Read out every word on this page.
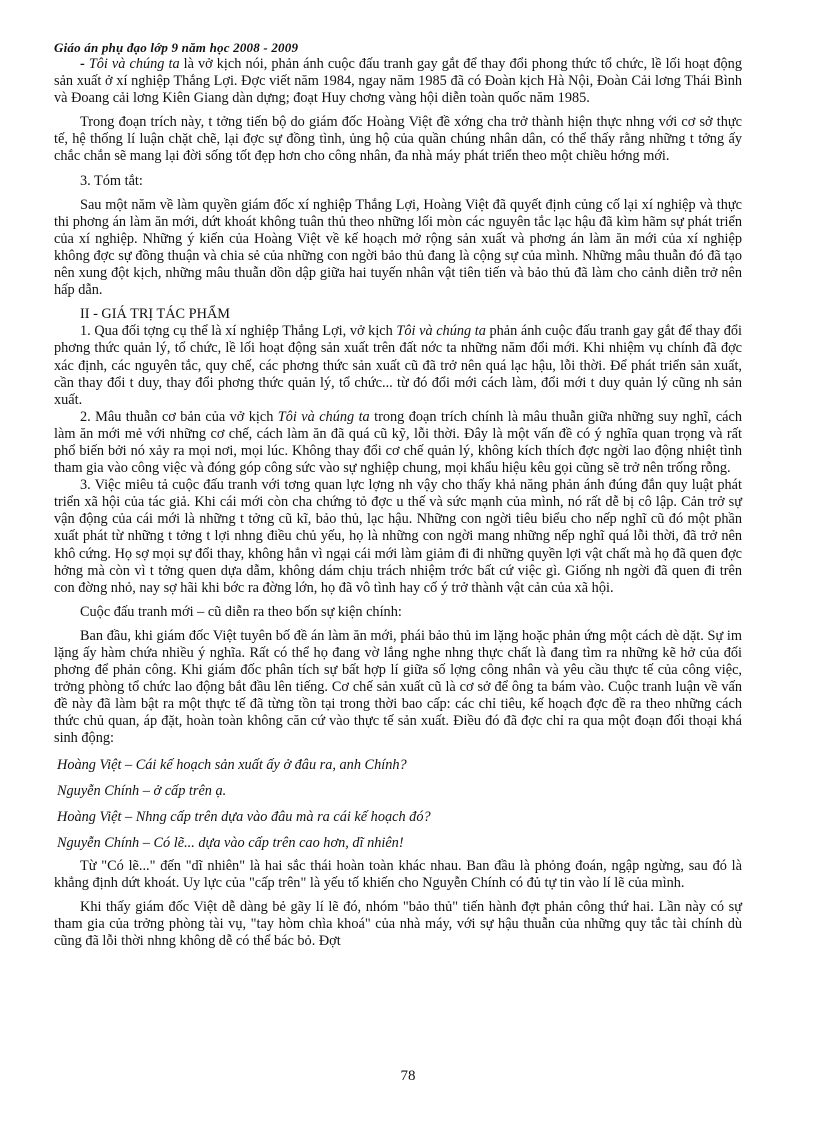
Giáo án phụ đạo lớp 9 năm học 2008 - 2009

- Tôi và chúng ta là vở kịch nói, phản ánh cuộc đấu tranh gay gắt để thay đổi phong thức tổ chức, lề lối hoạt động sản xuất ở xí nghiệp Thắng Lợi. Đợc viết năm 1984, ngay năm 1985 đã có Đoàn kịch Hà Nội, Đoàn Cải lơng Thái Bình và Đoang cải lơng Kiên Giang dàn dựng; đoạt Huy chơng vàng hội diễn toàn quốc năm 1985.

Trong đoạn trích này, t tởng tiến bộ do giám đốc Hoàng Việt đề xớng cha trở thành hiện thực nhng với cơ sở thực tế, hệ thống lí luận chặt chẽ, lại đợc sự đồng tình, ủng hộ của quần chúng nhân dân, có thể thấy rằng những t tởng ấy chắc chắn sẽ mang lại đời sống tốt đẹp hơn cho công nhân, đa nhà máy phát triển theo một chiều hớng mới.

3. Tóm tắt:

Sau một năm về làm quyền giám đốc xí nghiệp Thắng Lợi, Hoàng Việt đã quyết định củng cố lại xí nghiệp và thực thi phơng án làm ăn mới, dứt khoát không tuân thủ theo những lối mòn các nguyên tắc lạc hậu đã kìm hãm sự phát triển của xí nghiệp. Những ý kiến của Hoàng Việt về kế hoạch mở rộng sản xuất và phơng án làm ăn mới của xí nghiệp không đợc sự đồng thuận và chia sẻ của những con ngời bảo thủ đang là cộng sự của mình. Những mâu thuẫn đó đã tạo nên xung đột kịch, những mâu thuẫn dồn dập giữa hai tuyến nhân vật tiên tiến và bảo thủ đã làm cho cảnh diễn trở nên hấp dẫn.

II - GIÁ TRỊ TÁC PHẨM

1. Qua đối tợng cụ thể là xí nghiệp Thắng Lợi, vở kịch Tôi và chúng ta phản ánh cuộc đấu tranh gay gắt để thay đổi phơng thức quản lý, tổ chức, lề lối hoạt động sản xuất trên đất nớc ta những năm đổi mới. Khi nhiệm vụ chính đã đợc xác định, các nguyên tắc, quy chế, các phơng thức sản xuất cũ đã trở nên quá lạc hậu, lỗi thời. Để phát triển sản xuất, cần thay đổi t duy, thay đổi phơng thức quản lý, tổ chức... từ đó đổi mới cách làm, đổi mới t duy quản lý cũng nh sản xuất.

2. Mâu thuẫn cơ bản của vở kịch Tôi và chúng ta trong đoạn trích chính là mâu thuẫn giữa những suy nghĩ, cách làm ăn mới mẻ với những cơ chế, cách làm ăn đã quá cũ kỹ, lỗi thời. Đây là một vấn đề có ý nghĩa quan trọng và rất phổ biến bởi nó xảy ra mọi nơi, mọi lúc. Không thay đổi cơ chế quản lý, không kích thích đợc ngời lao động nhiệt tình tham gia vào công việc và đóng góp công sức vào sự nghiệp chung, mọi khẩu hiệu kêu gọi cũng sẽ trở nên trống rỗng.

3. Việc miêu tả cuộc đấu tranh với tơng quan lực lợng nh vậy cho thấy khả năng phản ánh đúng đắn quy luật phát triển xã hội của tác giả. Khi cái mới còn cha chứng tỏ đợc u thế và sức mạnh của mình, nó rất dễ bị cô lập. Cản trở sự vận động của cái mới là những t tởng cũ kĩ, bảo thủ, lạc hậu. Những con ngời tiêu biểu cho nếp nghĩ cũ đó một phần xuất phát từ những t tởng t lợi nhng điều chủ yếu, họ là những con ngời mang những nếp nghĩ quá lỗi thời, đã trở nên khô cứng. Họ sợ mọi sự đổi thay, không hẳn vì ngại cái mới làm giảm đi đi những quyền lợi vật chất mà họ đã quen đợc hởng mà còn vì t tởng quen dựa dẫm, không dám chịu trách nhiệm trớc bất cứ việc gì. Giống nh ngời đã quen đi trên con đờng nhỏ, nay sợ hãi khi bớc ra đờng lớn, họ đã vô tình hay cố ý trở thành vật cản của xã hội.

Cuộc đấu tranh mới – cũ diễn ra theo bốn sự kiện chính:

Ban đầu, khi giám đốc Việt tuyên bố đề án làm ăn mới, phái bảo thủ im lặng hoặc phản ứng một cách dè dặt. Sự im lặng ấy hàm chứa nhiều ý nghĩa. Rất có thể họ đang vờ lắng nghe nhng thực chất là đang tìm ra những kẽ hở của đối phơng để phản công. Khi giám đốc phân tích sự bất hợp lí giữa số lợng công nhân và yêu cầu thực tế của công việc, trởng phòng tổ chức lao động bắt đầu lên tiếng. Cơ chế sản xuất cũ là cơ sở để ông ta bám vào. Cuộc tranh luận về vấn đề này đã làm bật ra một thực tế đã từng tồn tại trong thời bao cấp: các chỉ tiêu, kế hoạch đợc đề ra theo những cách thức chủ quan, áp đặt, hoàn toàn không căn cứ vào thực tế sản xuất. Điều đó đã đợc chỉ ra qua một đoạn đối thoại khá sinh động:

Hoàng Việt – Cái kế hoạch sản xuất ấy ở đâu ra, anh Chính?

Nguyễn Chính – ở cấp trên ạ.

Hoàng Việt – Nhng cấp trên dựa vào đâu mà ra cái kế hoạch đó?

Nguyễn Chính – Có lẽ... dựa vào cấp trên cao hơn, dĩ nhiên!

Từ "Có lẽ..." đến "dĩ nhiên" là hai sắc thái hoàn toàn khác nhau. Ban đầu là phỏng đoán, ngập ngừng, sau đó là khẳng định dứt khoát. Uy lực của "cấp trên" là yếu tố khiến cho Nguyễn Chính có đủ tự tin vào lí lẽ của mình.

Khi thấy giám đốc Việt dễ dàng bẻ gãy lí lẽ đó, nhóm "bảo thủ" tiến hành đợt phản công thứ hai. Lần này có sự tham gia của trởng phòng tài vụ, "tay hòm chìa khoá" của nhà máy, với sự hậu thuẫn của những quy tắc tài chính dù cũng đã lỗi thời nhng không dễ có thể bác bỏ. Đợt

78
